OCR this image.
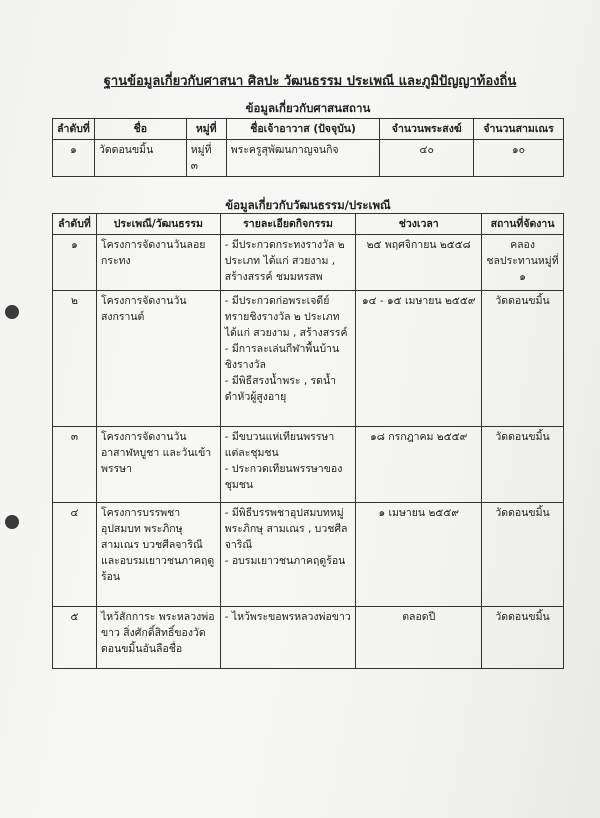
ฐานข้อมูลเกี่ยวกับศาสนา ศิลปะ วัฒนธรรม ประเพณี และภูมิปัญญาท้องถิ่น
ข้อมูลเกี่ยวกับศาสนสถาน
ลำดับที่	ชื่อ	หมู่ที่	ชื่อเจ้าอาวาส (ปัจจุบัน)	จำนวนพระสงฆ์	จำนวนสามเณร
๑	วัดดอนขมิ้น	หมู่ที่ ๓	พระครูสุพัฒนกาญจนกิจ	๔๐	๑๐
ข้อมูลเกี่ยวกับวัฒนธรรม/ประเพณี
ลำดับที่	ประเพณี/วัฒนธรรม	รายละเอียดกิจกรรม	ช่วงเวลา	สถานที่จัดงาน
๑	โครงการจัดงานวันลอยกระทง	- มีประกวดกระทงรางวัล ๒ ประเภท ได้แก่ สวยงาม , สร้างสรรค์ ชมมหรสพ	๒๕ พฤศจิกายน ๒๕๕๘	คลองชลประทานหมู่ที่ ๑
๒	โครงการจัดงานวันสงกรานต์	- มีประกวดก่อพระเจดีย์ทรายชิงรางวัล ๒ ประเภท ได้แก่ สวยงาม , สร้างสรรค์
- มีการละเล่นกีฬาพื้นบ้าน ชิงรางวัล
- มีพิธีสรงน้ำพระ , รดน้ำดำหัวผู้สูงอายุ	๑๔ - ๑๕ เมษายน ๒๕๕๙	วัดดอนขมิ้น
๓	โครงการจัดงานวันอาสาฬหบูชา และวันเข้าพรรษา	- มีขบวนแห่เทียนพรรษาแต่ละชุมชน
- ประกวดเทียนพรรษาของชุมชน	๑๘ กรกฎาคม ๒๕๕๙	วัดดอนขมิ้น
๔	โครงการบรรพชาอุปสมบท พระภิกษุ สามเณร บวชศีลจาริณี และอบรมเยาวชนภาคฤดูร้อน	- มีพิธีบรรพชาอุปสมบทหมู่พระภิกษุ สามเณร , บวชศีลจาริณี
- อบรมเยาวชนภาคฤดูร้อน	๑ เมษายน ๒๕๕๙	วัดดอนขมิ้น
๕	ไหว้สักการะ พระหลวงพ่อขาว สิ่งศักดิ์สิทธิ์ของวัดดอนขมิ้นอันลือชื่อ	- ไหว้พระขอพรหลวงพ่อขาว	ตลอดปี	วัดดอนขมิ้น
